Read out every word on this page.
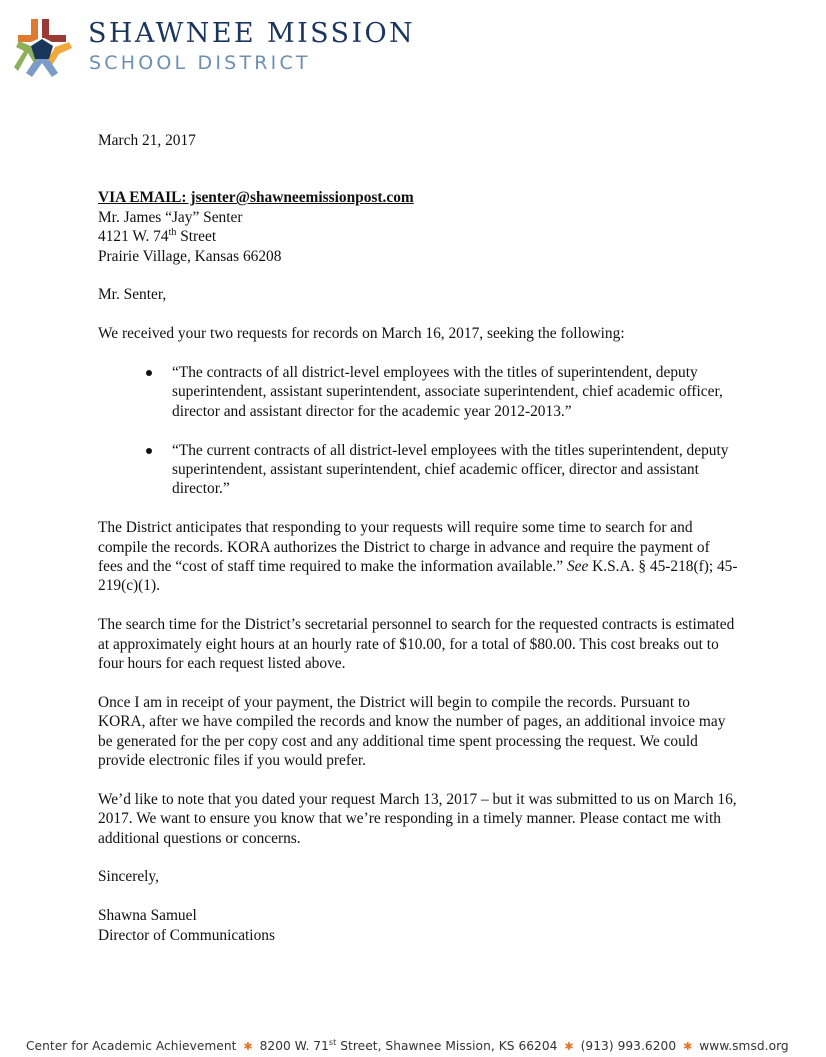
SHAWNEE MISSION
SCHOOL DISTRICT

March 21, 2017

VIA EMAIL: jsenter@shawneemissionpost.com

Mr. James “Jay” Senter

4121 W. 74th Street

Prairie Village, Kansas 66208

Mr. Senter,

We received your two requests for records on March 16, 2017, seeking the following:

“The contracts of all district-level employees with the titles of superintendent, deputy superintendent, assistant superintendent, associate superintendent, chief academic officer, director and assistant director for the academic year 2012-2013.”
“The current contracts of all district-level employees with the titles superintendent, deputy superintendent, assistant superintendent, chief academic officer, director and assistant director.”

The District anticipates that responding to your requests will require some time to search for and compile the records. KORA authorizes the District to charge in advance and require the payment of fees and the “cost of staff time required to make the information available.” See K.S.A. § 45-218(f); 45-219(c)(1).

The search time for the District’s secretarial personnel to search for the requested contracts is estimated at approximately eight hours at an hourly rate of $10.00, for a total of $80.00. This cost breaks out to four hours for each request listed above.

Once I am in receipt of your payment, the District will begin to compile the records. Pursuant to KORA, after we have compiled the records and know the number of pages, an additional invoice may be generated for the per copy cost and any additional time spent processing the request. We could provide electronic files if you would prefer.

We’d like to note that you dated your request March 13, 2017 – but it was submitted to us on March 16, 2017. We want to ensure you know that we’re responding in a timely manner. Please contact me with additional questions or concerns.

Sincerely,

Shawna Samuel

Director of Communications

Center for Academic Achievement ✱ 8200 W. 71st Street, Shawnee Mission, KS 66204 ✱ (913) 993.6200 ✱ www.smsd.org
